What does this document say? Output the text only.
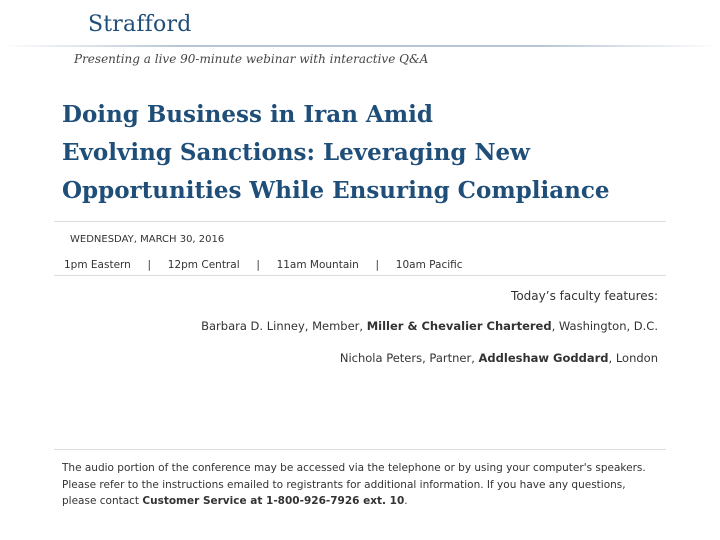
Strafford
Presenting a live 90-minute webinar with interactive Q&A
Doing Business in Iran Amid
Evolving Sanctions: Leveraging New
Opportunities While Ensuring Compliance
WEDNESDAY, MARCH 30, 2016
1pm Eastern | 12pm Central | 11am Mountain | 10am Pacific
Today’s faculty features:
Barbara D. Linney, Member, Miller & Chevalier Chartered, Washington, D.C.
Nichola Peters, Partner, Addleshaw Goddard, London
The audio portion of the conference may be accessed via the telephone or by using your computer's speakers. Please refer to the instructions emailed to registrants for additional information. If you have any questions, please contact Customer Service at 1-800-926-7926 ext. 10.
